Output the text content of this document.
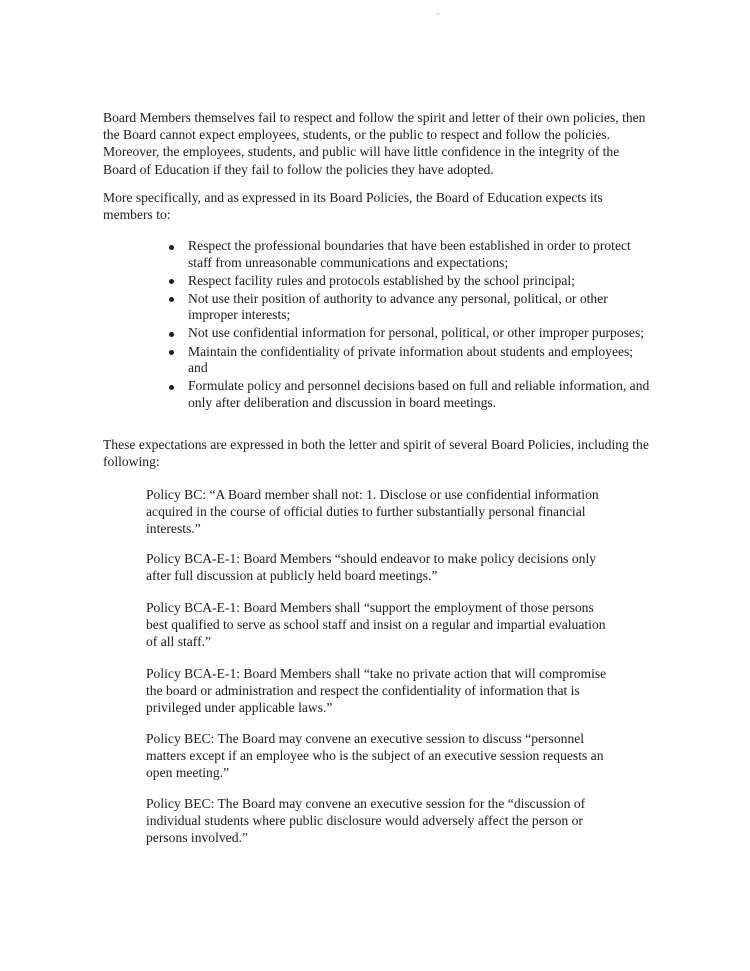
Board Members themselves fail to respect and follow the spirit and letter of their own policies, then the Board cannot expect employees, students, or the public to respect and follow the policies. Moreover, the employees, students, and public will have little confidence in the integrity of the Board of Education if they fail to follow the policies they have adopted.

More specifically, and as expressed in its Board Policies, the Board of Education expects its members to:

Respect the professional boundaries that have been established in order to protect staff from unreasonable communications and expectations;
Respect facility rules and protocols established by the school principal;
Not use their position of authority to advance any personal, political, or other improper interests;
Not use confidential information for personal, political, or other improper purposes;
Maintain the confidentiality of private information about students and employees; and
Formulate policy and personnel decisions based on full and reliable information, and only after deliberation and discussion in board meetings.

These expectations are expressed in both the letter and spirit of several Board Policies, including the following:

Policy BC: “A Board member shall not: 1. Disclose or use confidential information acquired in the course of official duties to further substantially personal financial interests.”

Policy BCA-E-1: Board Members “should endeavor to make policy decisions only after full discussion at publicly held board meetings.”

Policy BCA-E-1: Board Members shall “support the employment of those persons best qualified to serve as school staff and insist on a regular and impartial evaluation of all staff.”

Policy BCA-E-1: Board Members shall “take no private action that will compromise the board or administration and respect the confidentiality of information that is privileged under applicable laws.”

Policy BEC: The Board may convene an executive session to discuss “personnel matters except if an employee who is the subject of an executive session requests an open meeting.”

Policy BEC: The Board may convene an executive session for the “discussion of individual students where public disclosure would adversely affect the person or persons involved.”
